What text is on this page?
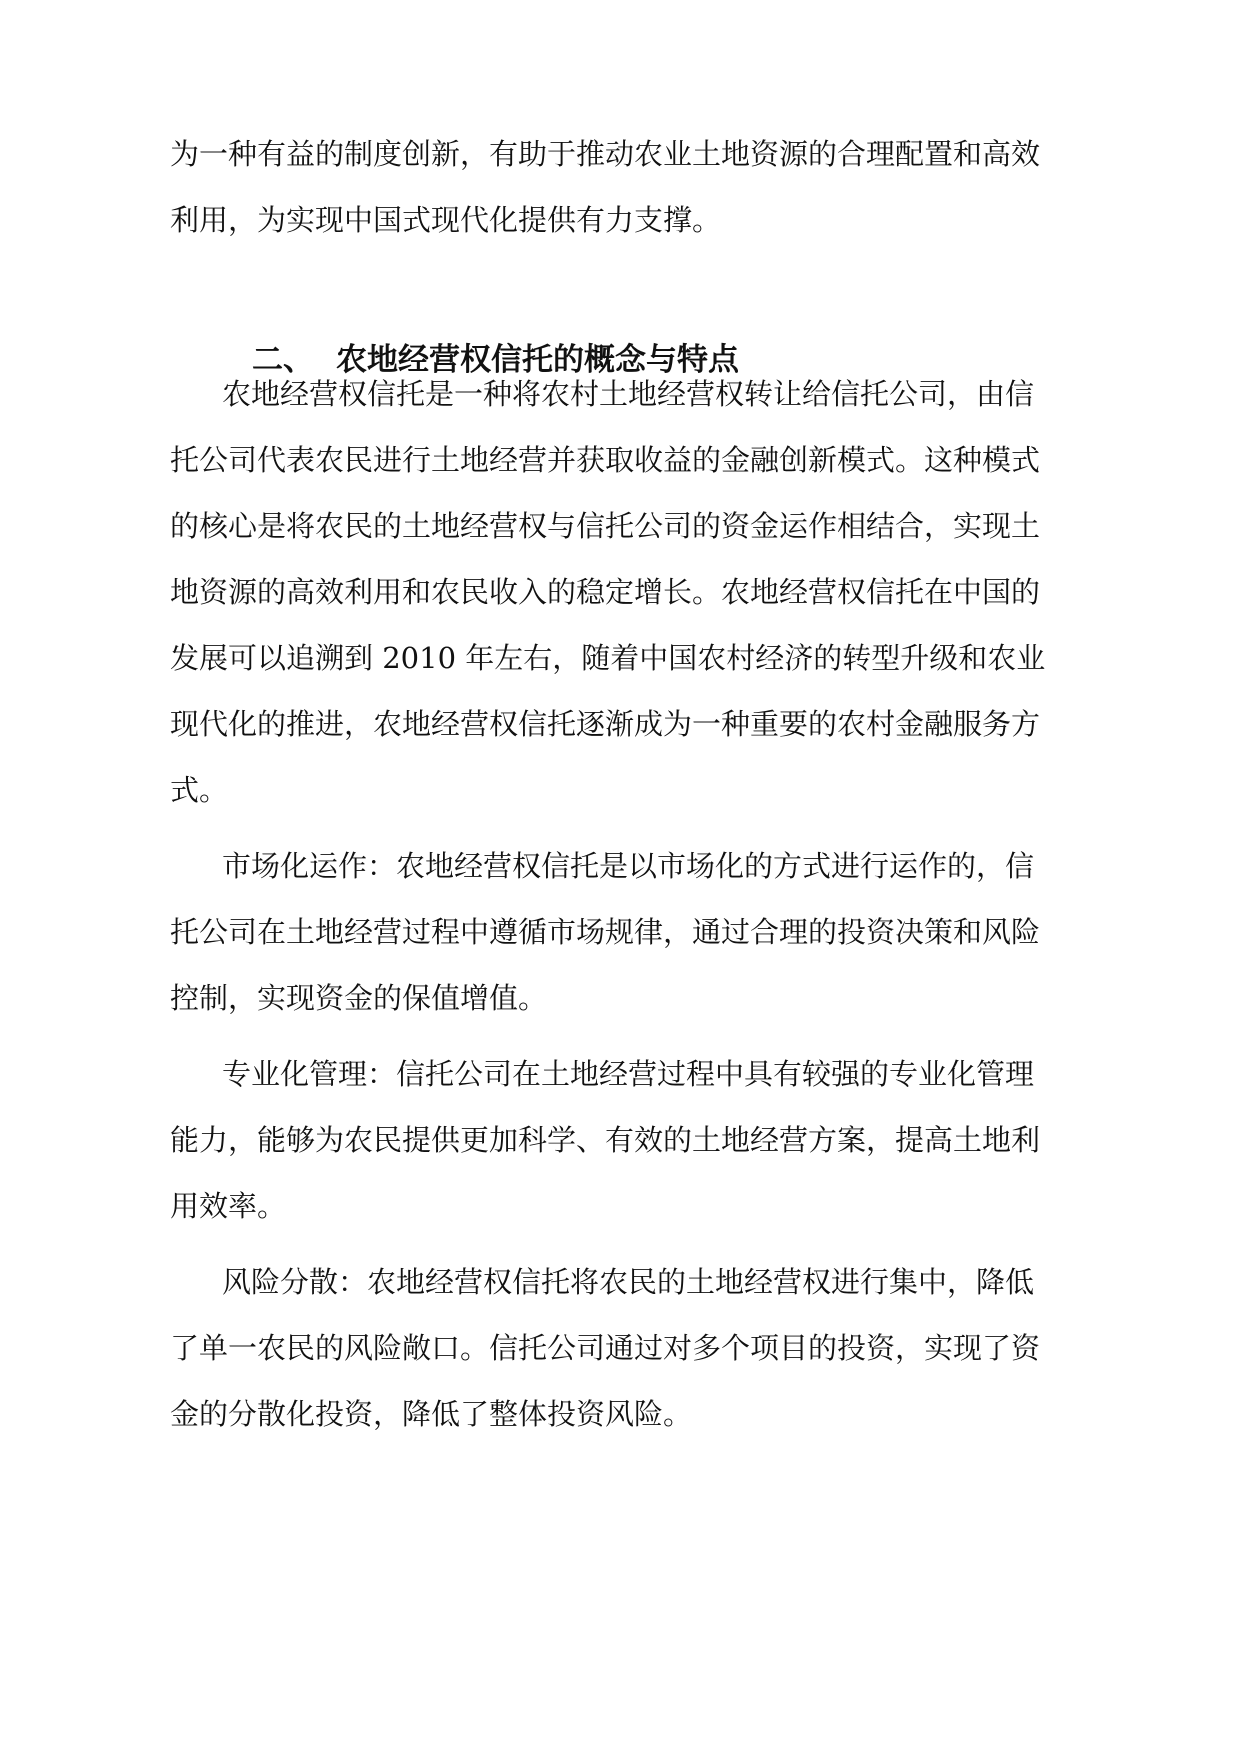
为一种有益的制度创新，有助于推动农业土地资源的合理配置和高效
利用，为实现中国式现代化提供有力支撑。
二、 农地经营权信托的概念与特点
农地经营权信托是一种将农村土地经营权转让给信托公司，由信
托公司代表农民进行土地经营并获取收益的金融创新模式。这种模式
的核心是将农民的土地经营权与信托公司的资金运作相结合，实现土
地资源的高效利用和农民收入的稳定增长。农地经营权信托在中国的
发展可以追溯到 2010 年左右，随着中国农村经济的转型升级和农业
现代化的推进，农地经营权信托逐渐成为一种重要的农村金融服务方
式。
市场化运作：农地经营权信托是以市场化的方式进行运作的，信
托公司在土地经营过程中遵循市场规律，通过合理的投资决策和风险
控制，实现资金的保值增值。
专业化管理：信托公司在土地经营过程中具有较强的专业化管理
能力，能够为农民提供更加科学、有效的土地经营方案，提高土地利
用效率。
风险分散：农地经营权信托将农民的土地经营权进行集中，降低
了单一农民的风险敞口。信托公司通过对多个项目的投资，实现了资
金的分散化投资，降低了整体投资风险。
